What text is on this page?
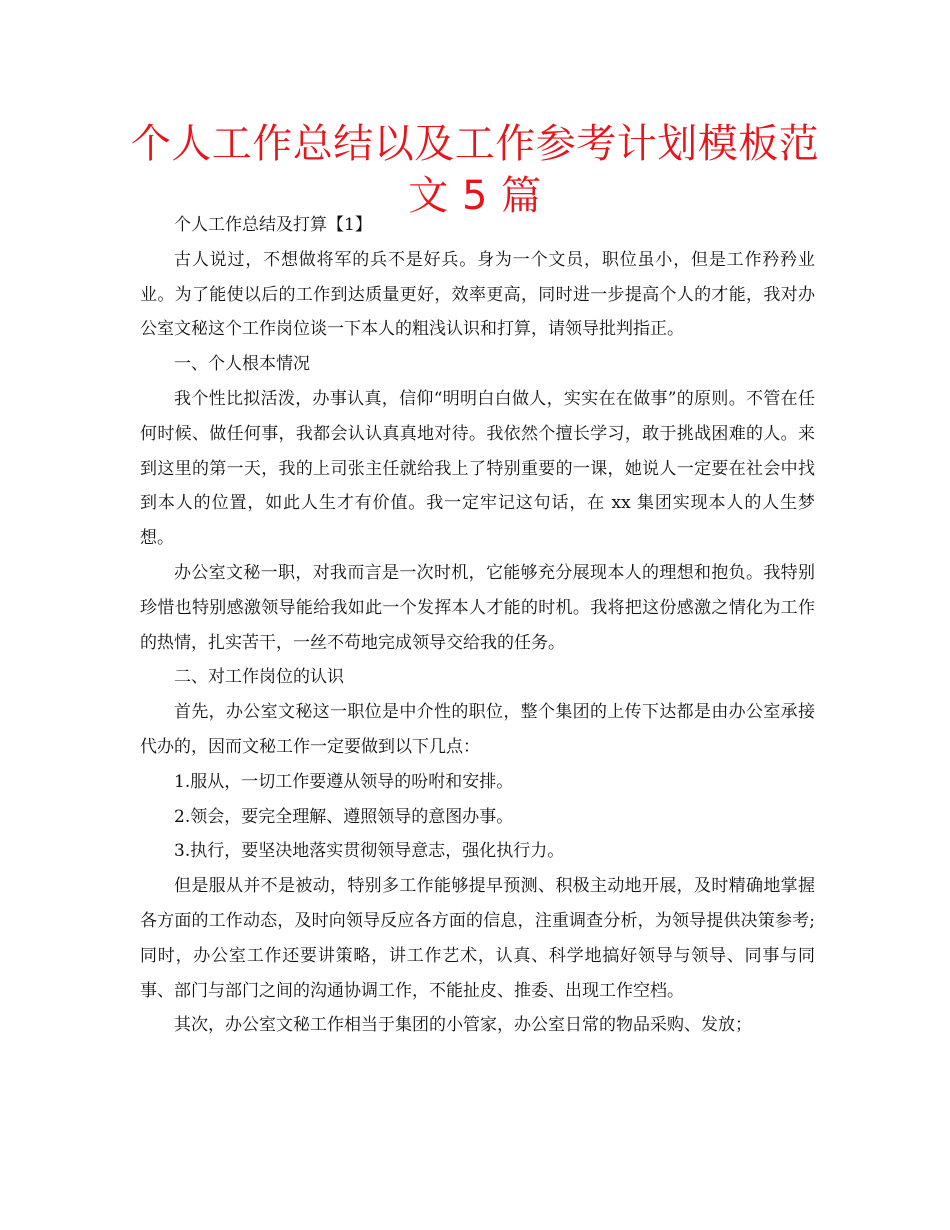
个人工作总结以及工作参考计划模板范文 5 篇

个人工作总结及打算【1】

古人说过，不想做将军的兵不是好兵。身为一个文员，职位虽小，但是工作矜矜业业。为了能使以后的工作到达质量更好，效率更高，同时进一步提高个人的才能，我对办公室文秘这个工作岗位谈一下本人的粗浅认识和打算，请领导批判指正。

一、个人根本情况

我个性比拟活泼，办事认真，信仰“明明白白做人，实实在在做事”的原则。不管在任何时候、做任何事，我都会认认真真地对待。我依然个擅长学习，敢于挑战困难的人。来到这里的第一天，我的上司张主任就给我上了特别重要的一课，她说人一定要在社会中找到本人的位置，如此人生才有价值。我一定牢记这句话，在 xx 集团实现本人的人生梦想。

办公室文秘一职，对我而言是一次时机，它能够充分展现本人的理想和抱负。我特别珍惜也特别感激领导能给我如此一个发挥本人才能的时机。我将把这份感激之情化为工作的热情，扎实苦干，一丝不苟地完成领导交给我的任务。

二、对工作岗位的认识

首先，办公室文秘这一职位是中介性的职位，整个集团的上传下达都是由办公室承接代办的，因而文秘工作一定要做到以下几点：

1.服从，一切工作要遵从领导的吩咐和安排。

2.领会，要完全理解、遵照领导的意图办事。

3.执行，要坚决地落实贯彻领导意志，强化执行力。

但是服从并不是被动，特别多工作能够提早预测、积极主动地开展，及时精确地掌握各方面的工作动态，及时向领导反应各方面的信息，注重调查分析，为领导提供决策参考;同时，办公室工作还要讲策略，讲工作艺术，认真、科学地搞好领导与领导、同事与同事、部门与部门之间的沟通协调工作，不能扯皮、推委、出现工作空档。

其次，办公室文秘工作相当于集团的小管家，办公室日常的物品采购、发放；
